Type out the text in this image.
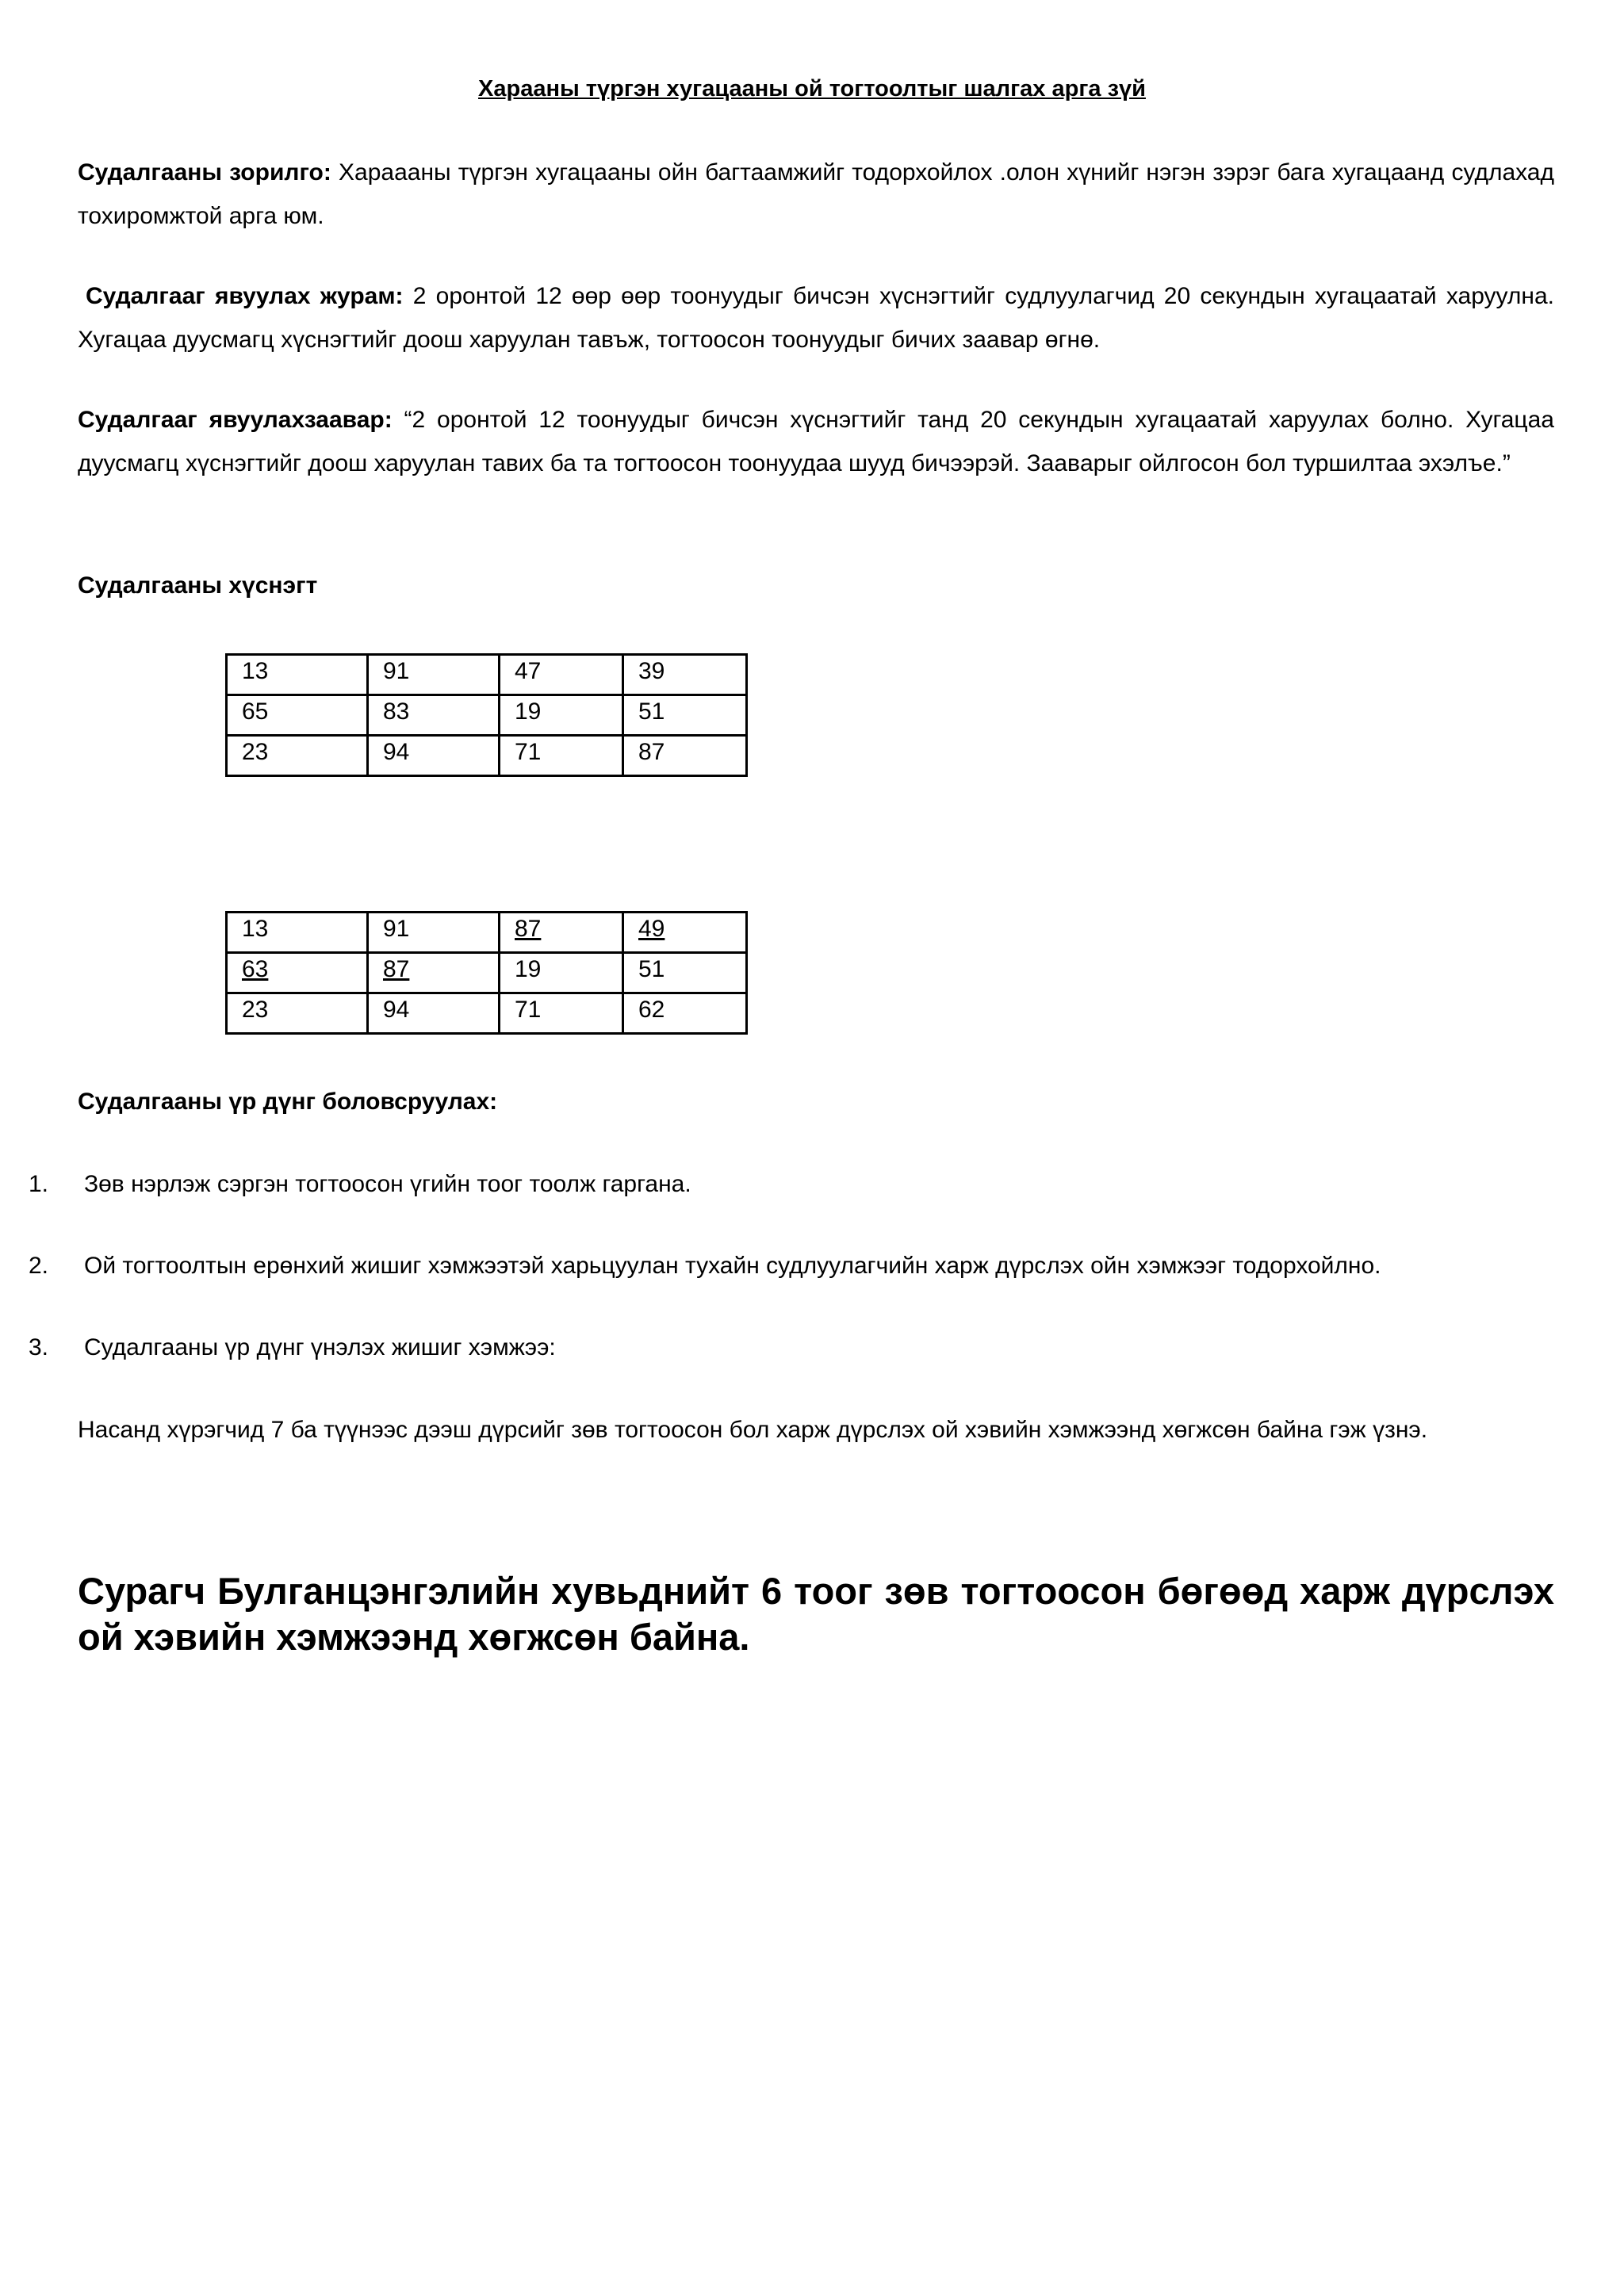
Харааны түргэн хугацааны ой тогтоолтыг шалгах арга зүй
Судалгааны зорилго: Хараааны түргэн хугацааны ойн багтаамжийг тодорхойлох .олон хүнийг нэгэн зэрэг бага хугацаанд судлахад тохиромжтой арга юм.
Судалгааг явуулах журам: 2 оронтой 12 өөр өөр тоонуудыг бичсэн хүснэгтийг судлуулагчид 20 секундын хугацаатай харуулна. Хугацаа дуусмагц хүснэгтийг доош харуулан тавъж, тогтоосон тоонуудыг бичих заавар өгнө.
Судалгааг явуулахзаавар: “2 оронтой 12 тоонуудыг бичсэн хүснэгтийг танд 20 секундын хугацаатай харуулах болно. Хугацаа дуусмагц хүснэгтийг доош харуулан тавих ба та тогтоосон тоонуудаа шууд бичээрэй. Заавaрыг ойлгосон бол туршилтаа эхэлъе.”
Судалгааны хүснэгт
13	91	47	39
65	83	19	51
23	94	71	87
13	91	87	49
63	87	19	51
23	94	71	62
Судалгааны үр дүнг боловсруулах:
1. Зөв нэрлэж сэргэн тогтоосон үгийн тоог тоолж гаргана.
2. Ой тогтоолтын ерөнхий жишиг хэмжээтэй харьцуулан тухайн судлуулагчийн харж дүрслэх ойн хэмжээг тодорхойлно.
3. Судалгааны үр дүнг үнэлэх жишиг хэмжээ:
Насанд хүрэгчид 7 ба түүнээс дээш дүрсийг зөв тогтоосон бол харж дүрслэх ой хэвийн хэмжээнд хөгжсөн байна гэж үзнэ.
Сурагч Булганцэнгэлийн хувьднийт 6 тоог зөв тогтоосон бөгөөд харж дүрслэх ой хэвийн хэмжээнд хөгжсөн байна.
